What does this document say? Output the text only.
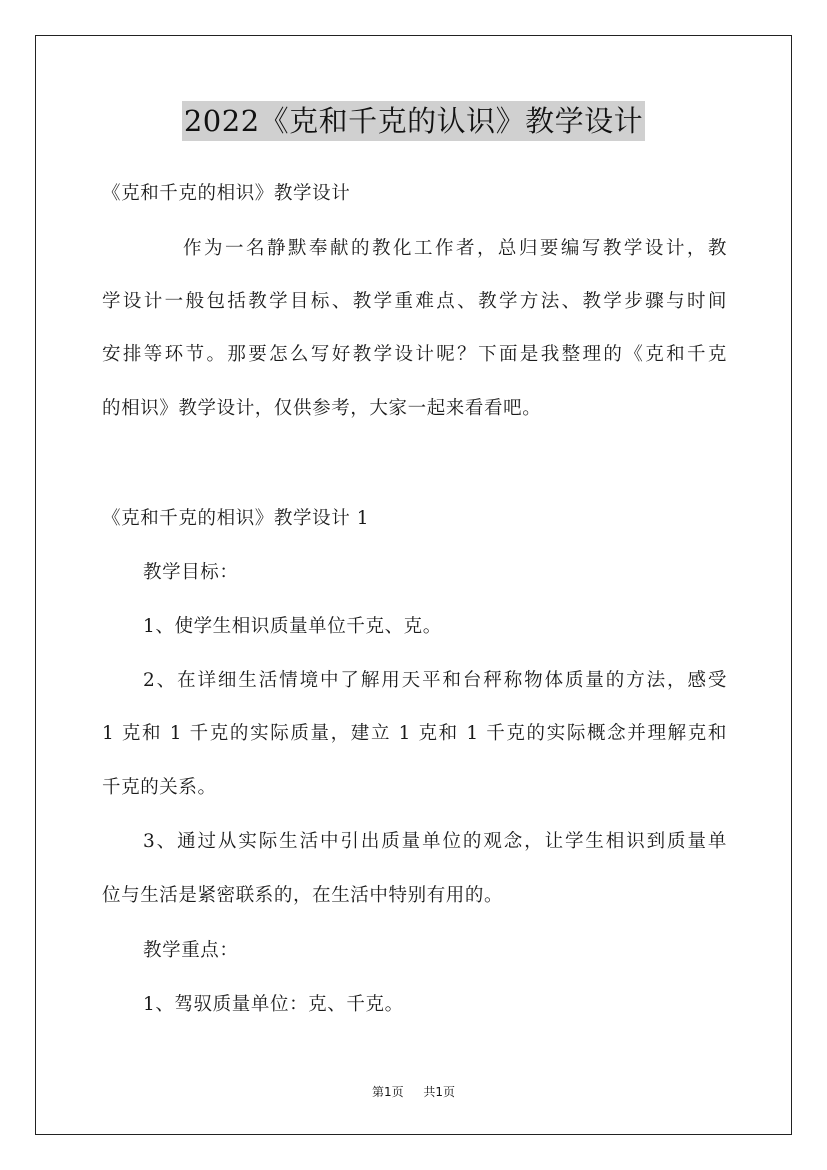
2022《克和千克的认识》教学设计
《克和千克的相识》教学设计
作为一名静默奉献的教化工作者，总归要编写教学设计，教
学设计一般包括教学目标、教学重难点、教学方法、教学步骤与时间
安排等环节。那要怎么写好教学设计呢？下面是我整理的《克和千克
的相识》教学设计，仅供参考，大家一起来看看吧。
《克和千克的相识》教学设计 1
教学目标：
1、使学生相识质量单位千克、克。
2、在详细生活情境中了解用天平和台秤称物体质量的方法，感受
1 克和 1 千克的实际质量，建立 1 克和 1 千克的实际概念并理解克和
千克的关系。
3、通过从实际生活中引出质量单位的观念，让学生相识到质量单
位与生活是紧密联系的，在生活中特别有用的。
教学重点：
1、驾驭质量单位：克、千克。
第1页 共1页
